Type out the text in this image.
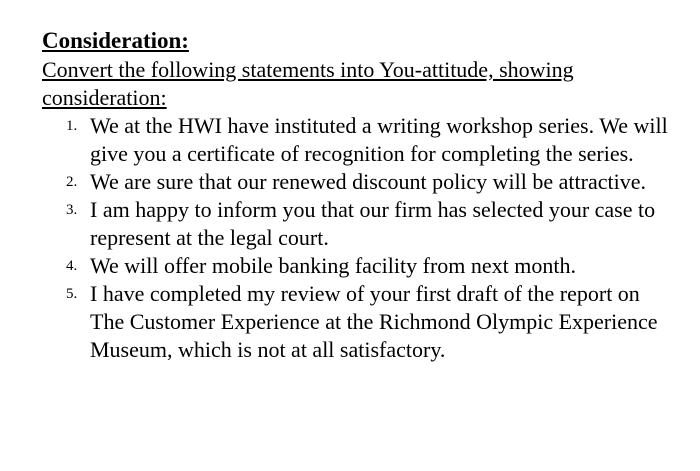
Consideration:

Convert the following statements into You-attitude, showing consideration:

1. We at the HWI have instituted a writing workshop series. We will give you a certificate of recognition for completing the series.
2. We are sure that our renewed discount policy will be attractive.
3. I am happy to inform you that our firm has selected your case to represent at the legal court.
4. We will offer mobile banking facility from next month.
5. I have completed my review of your first draft of the report on The Customer Experience at the Richmond Olympic Experience Museum, which is not at all satisfactory.
